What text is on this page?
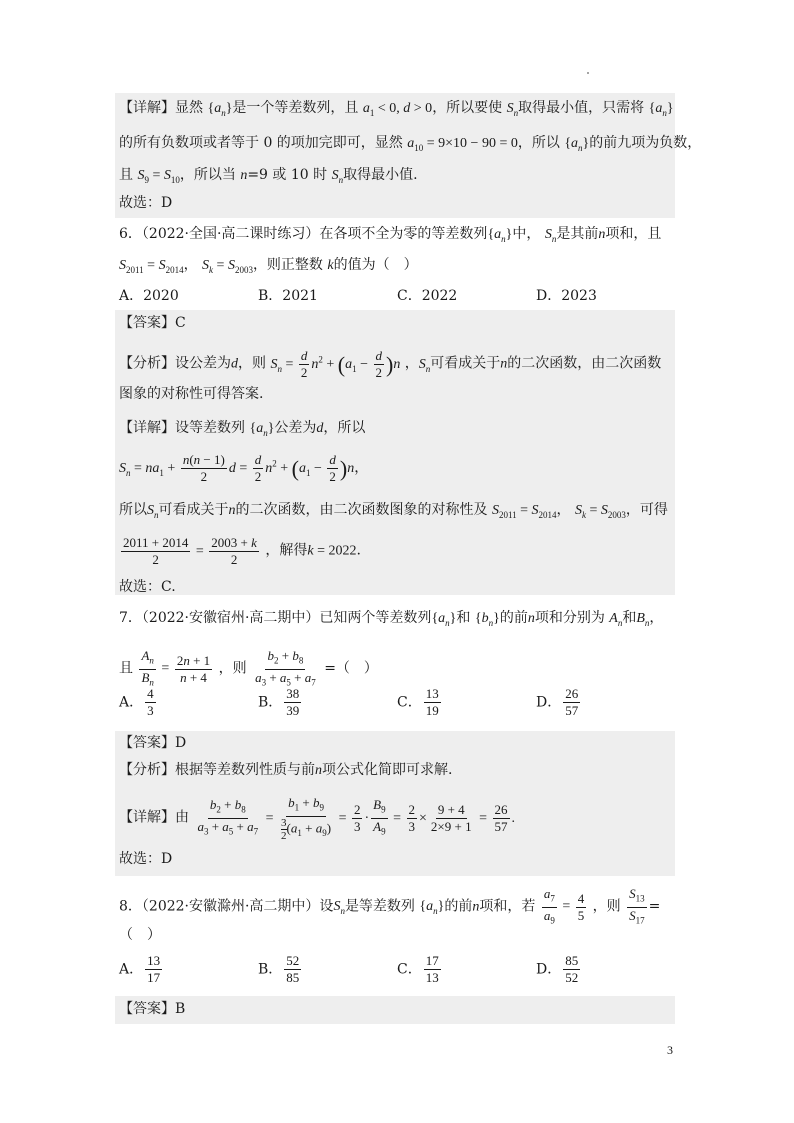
【详解】显然 $\{a_n\}$是一个等差数列，且 $a_1 < 0$, d > 0，所以要使 $S_n$取得最小值，只需将 $\{a_n\}$
的所有负数项或者等于 0 的项加完即可，显然 $a_{10} = 9\times 10 - 90 = 0$，所以 $\{a_n\}$的前九项为负数，
且 $S_9 = S_{10}$，所以当 n=9 或 10 时 $S_n$取得最小值.
故选：D
6．（2022·全国·高二课时练习）在各项不全为零的等差数列$\{a_n\}$中， $S_n$是其前n项和，且
$S_{2011} = S_{2014}$， $S_k = S_{2003}$，则正整数 k的值为（　）
A．2020	B．2021	C．2022	D．2023
【答案】C
【分析】设公差为d，则 $S_n = \frac{d}{2} n^2 + (a_1 - \frac{d}{2} )n$ ，$S_n$可看成关于n的二次函数，由二次函数
图象的对称性可得答案.
【详解】设等差数列 $\{a_n\}$公差为d，所以
$S_n = na_1 + \frac{n(n - 1)}{2}$ $d = \frac{d}{2} n^2 + (a_1 - \frac{d}{2} )n$，
所以$S_n$可看成关于n的二次函数，由二次函数图象的对称性及 $S_{2011} = S_{2014}$， $S_k = S_{2003}$，可得
$\frac{2011 + 2014}{2} = \frac{2003 + k}{2}$ ，解得k = 2022.
故选：C.
7．（2022·安徽宿州·高二期中）已知两个等差数列$\{a_n\}$和 $\{b_n\}$的前n项和分别为 $A_n$和$B_n$，
且 $\frac{A_n}{B_n} = \frac{2n + 1}{n + 4}$ ，则 $\frac{b_2 + b_8}{a_3 + a_5 + a_7}$ =（　）
A． $\frac{4}{3}$	B． $\frac{38}{39}$	C． $\frac{13}{19}$	D． $\frac{26}{57}$
【答案】D
【分析】根据等差数列性质与前n项公式化简即可求解.
【详解】由 $\frac{b_2 + b_8}{a_3 + a_5 + a_7} = \frac{b_1 + b_9}{\frac{3}{2} (a_1 + a_9)} = \frac{2}{3} \cdot \frac{B_9}{A_9} = \frac{2}{3} \times \frac{9 + 4}{2\times 9 + 1} = \frac{26}{57}$ .
故选：D
8．（2022·安徽滁州·高二期中）设$S_n$是等差数列 $\{a_n\}$的前n项和，若 $\frac{a_7}{a_9} = \frac{4}{5}$ ，则 $\frac{S_{13}}{S_{17}}$ =
（　）
A． $\frac{13}{17}$	B． $\frac{52}{85}$	C． $\frac{17}{13}$	D． $\frac{85}{52}$
【答案】B
3
